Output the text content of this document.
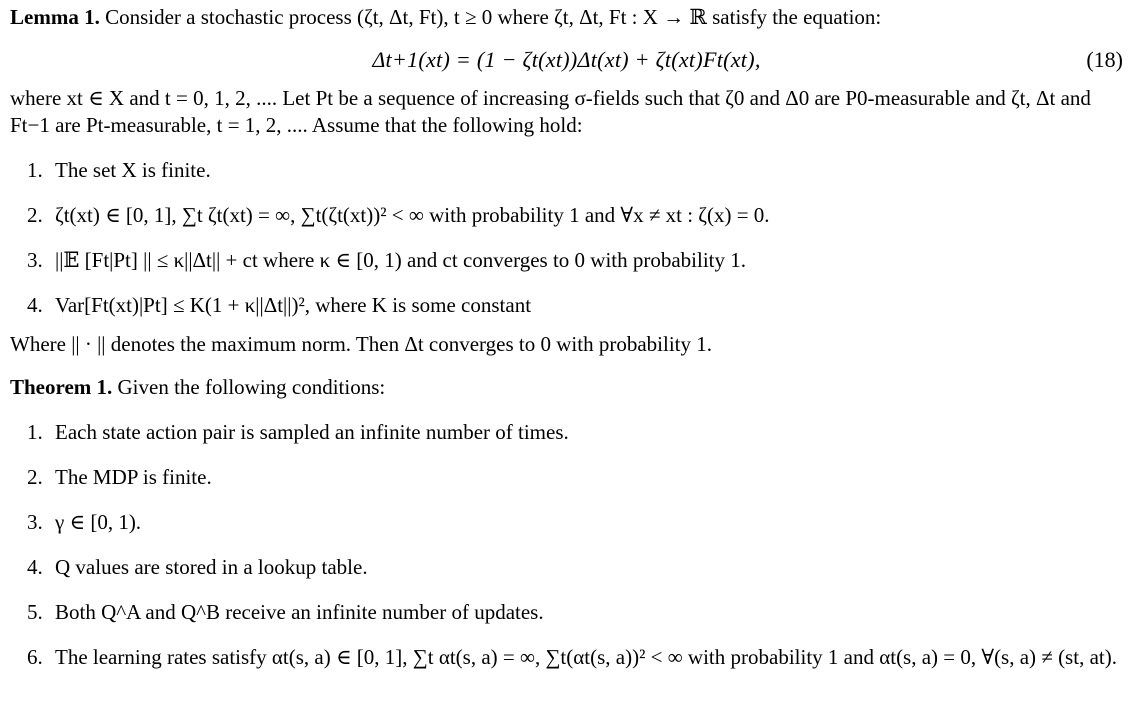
Lemma 1. Consider a stochastic process (ζt, Δt, Ft), t ≥ 0 where ζt, Δt, Ft : X → ℝ satisfy the equation:

Δt+1(xt) = (1 − ζt(xt))Δt(xt) + ζt(xt)Ft(xt),	(18)

where xt ∈ X and t = 0, 1, 2, .... Let Pt be a sequence of increasing σ-fields such that ζ0 and Δ0 are P0-measurable and ζt, Δt and Ft−1 are Pt-measurable, t = 1, 2, .... Assume that the following hold:

1. The set X is finite.
2. ζt(xt) ∈ [0, 1], ∑t ζt(xt) = ∞, ∑t(ζt(xt))² < ∞ with probability 1 and ∀x ≠ xt : ζ(x) = 0.
3. ||𝔼 [Ft|Pt] || ≤ κ||Δt|| + ct where κ ∈ [0, 1) and ct converges to 0 with probability 1.
4. Var[Ft(xt)|Pt] ≤ K(1 + κ||Δt||)², where K is some constant

Where || · || denotes the maximum norm. Then Δt converges to 0 with probability 1.

Theorem 1. Given the following conditions:

1. Each state action pair is sampled an infinite number of times.
2. The MDP is finite.
3. γ ∈ [0, 1).
4. Q values are stored in a lookup table.
5. Both Q^A and Q^B receive an infinite number of updates.
6. The learning rates satisfy αt(s, a) ∈ [0, 1], ∑t αt(s, a) = ∞, ∑t(αt(s, a))² < ∞ with probability 1 and αt(s, a) = 0, ∀(s, a) ≠ (st, at).
